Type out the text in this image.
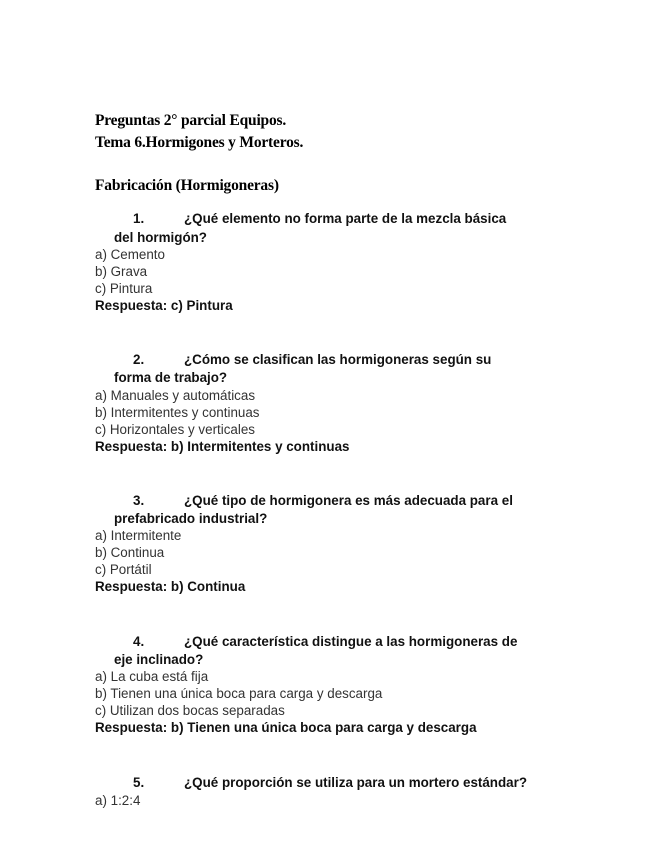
Preguntas 2° parcial Equipos.
Tema 6.Hormigones y Morteros.
Fabricación (Hormigoneras)
1.	¿Qué elemento no forma parte de la mezcla básica
del hormigón?
a) Cemento
b) Grava
c) Pintura
Respuesta: c) Pintura
2.	¿Cómo se clasifican las hormigoneras según su
forma de trabajo?
a) Manuales y automáticas
b) Intermitentes y continuas
c) Horizontales y verticales
Respuesta: b) Intermitentes y continuas
3.	¿Qué tipo de hormigonera es más adecuada para el
prefabricado industrial?
a) Intermitente
b) Continua
c) Portátil
Respuesta: b) Continua
4.	¿Qué característica distingue a las hormigoneras de
eje inclinado?
a) La cuba está fija
b) Tienen una única boca para carga y descarga
c) Utilizan dos bocas separadas
Respuesta: b) Tienen una única boca para carga y descarga
5.	¿Qué proporción se utiliza para un mortero estándar?
a) 1:2:4
